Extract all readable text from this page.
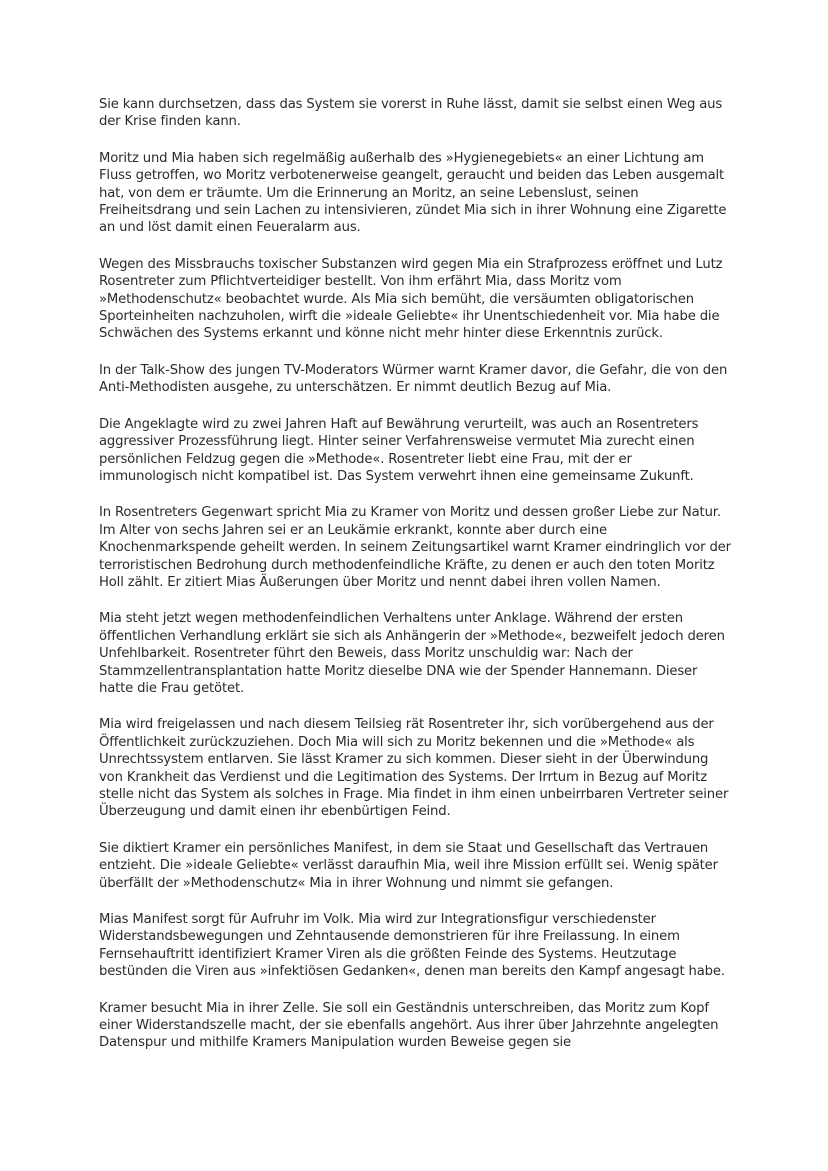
Sie kann durchsetzen, dass das System sie vorerst in Ruhe lässt, damit sie selbst einen Weg aus der Krise finden kann.

Moritz und Mia haben sich regelmäßig außerhalb des »Hygienegebiets« an einer Lichtung am Fluss getroffen, wo Moritz verbotenerweise geangelt, geraucht und beiden das Leben ausgemalt hat, von dem er träumte. Um die Erinnerung an Moritz, an seine Lebenslust, seinen Freiheitsdrang und sein Lachen zu intensivieren, zündet Mia sich in ihrer Wohnung eine Zigarette an und löst damit einen Feueralarm aus.

Wegen des Missbrauchs toxischer Substanzen wird gegen Mia ein Strafprozess eröffnet und Lutz Rosentreter zum Pflichtverteidiger bestellt. Von ihm erfährt Mia, dass Moritz vom »Methodenschutz« beobachtet wurde. Als Mia sich bemüht, die versäumten obligatorischen Sporteinheiten nachzuholen, wirft die »ideale Geliebte« ihr Unentschiedenheit vor. Mia habe die Schwächen des Systems erkannt und könne nicht mehr hinter diese Erkenntnis zurück.

In der Talk-Show des jungen TV-Moderators Würmer warnt Kramer davor, die Gefahr, die von den Anti-Methodisten ausgehe, zu unterschätzen. Er nimmt deutlich Bezug auf Mia.

Die Angeklagte wird zu zwei Jahren Haft auf Bewährung verurteilt, was auch an Rosentreters aggressiver Prozessführung liegt. Hinter seiner Verfahrensweise vermutet Mia zurecht einen persönlichen Feldzug gegen die »Methode«. Rosentreter liebt eine Frau, mit der er immunologisch nicht kompatibel ist. Das System verwehrt ihnen eine gemeinsame Zukunft.

In Rosentreters Gegenwart spricht Mia zu Kramer von Moritz und dessen großer Liebe zur Natur. Im Alter von sechs Jahren sei er an Leukämie erkrankt, konnte aber durch eine Knochenmarkspende geheilt werden. In seinem Zeitungsartikel warnt Kramer eindringlich vor der terroristischen Bedrohung durch methodenfeindliche Kräfte, zu denen er auch den toten Moritz Holl zählt. Er zitiert Mias Äußerungen über Moritz und nennt dabei ihren vollen Namen.

Mia steht jetzt wegen methodenfeindlichen Verhaltens unter Anklage. Während der ersten öffentlichen Verhandlung erklärt sie sich als Anhängerin der »Methode«, bezweifelt jedoch deren Unfehlbarkeit. Rosentreter führt den Beweis, dass Moritz unschuldig war: Nach der Stammzellentransplantation hatte Moritz dieselbe DNA wie der Spender Hannemann. Dieser hatte die Frau getötet.

Mia wird freigelassen und nach diesem Teilsieg rät Rosentreter ihr, sich vorübergehend aus der Öffentlichkeit zurückzuziehen. Doch Mia will sich zu Moritz bekennen und die »Methode« als Unrechtssystem entlarven. Sie lässt Kramer zu sich kommen. Dieser sieht in der Überwindung von Krankheit das Verdienst und die Legitimation des Systems. Der Irrtum in Bezug auf Moritz stelle nicht das System als solches in Frage. Mia findet in ihm einen unbeirrbaren Vertreter seiner Überzeugung und damit einen ihr ebenbürtigen Feind.

Sie diktiert Kramer ein persönliches Manifest, in dem sie Staat und Gesellschaft das Vertrauen entzieht. Die »ideale Geliebte« verlässt daraufhin Mia, weil ihre Mission erfüllt sei. Wenig später überfällt der »Methodenschutz« Mia in ihrer Wohnung und nimmt sie gefangen.

Mias Manifest sorgt für Aufruhr im Volk. Mia wird zur Integrationsfigur verschiedenster Widerstandsbewegungen und Zehntausende demonstrieren für ihre Freilassung. In einem Fernsehauftritt identifiziert Kramer Viren als die größten Feinde des Systems. Heutzutage bestünden die Viren aus »infektiösen Gedanken«, denen man bereits den Kampf angesagt habe.

Kramer besucht Mia in ihrer Zelle. Sie soll ein Geständnis unterschreiben, das Moritz zum Kopf einer Widerstandszelle macht, der sie ebenfalls angehört. Aus ihrer über Jahrzehnte angelegten Datenspur und mithilfe Kramers Manipulation wurden Beweise gegen sie
